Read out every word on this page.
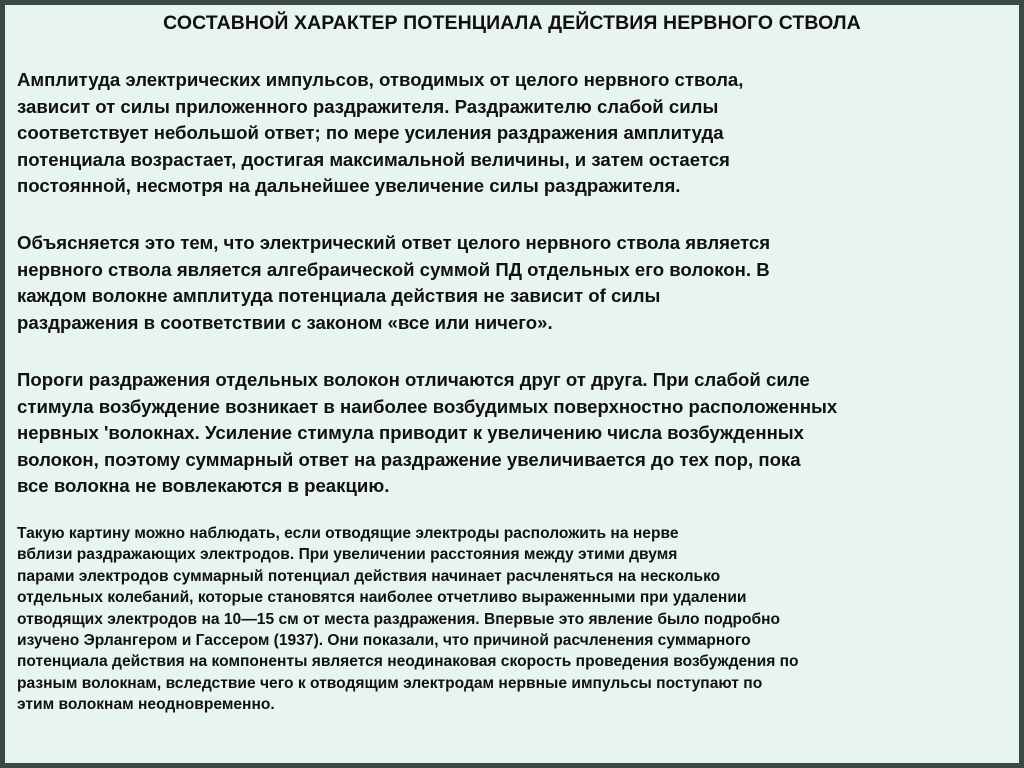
СОСТАВНОЙ ХАРАКТЕР ПОТЕНЦИАЛА ДЕЙСТВИЯ НЕРВНОГО СТВОЛА
Амплитуда электрических импульсов, отводимых от целого нервного ствола,
зависит от силы приложенного раздражителя. Раздражителю слабой силы
соответствует небольшой ответ; по мере усиления раздражения амплитуда
потенциала возрастает, достигая максимальной величины, и затем остается
постоянной, несмотря на дальнейшее увеличение силы раздражителя.
Объясняется это тем, что электрический ответ целого нервного ствола является
нервного ствола является алгебраической суммой ПД отдельных его волокон. В
каждом волокне амплитуда потенциала действия не зависит of силы
раздражения в соответствии с законом «все или ничего».
Пороги раздражения отдельных волокон отличаются друг от друга. При слабой силе
стимула возбуждение возникает в наиболее возбудимых поверхностно расположенных
нервных 'волокнах. Усиление стимула приводит к увеличению числа возбужденных
волокон, поэтому суммарный ответ на раздражение увеличивается до тех пор, пока
все волокна не вовлекаются в реакцию.
Такую картину можно наблюдать, если отводящие электроды расположить на нерве
вблизи раздражающих электродов. При увеличении расстояния между этими двумя
парами электродов суммарный потенциал действия начинает расчленяться на несколько
отдельных колебаний, которые становятся наиболее отчетливо выраженными при удалении
отводящих электродов на 10—15 см от места раздражения. Впервые это явление было подробно
изучено Эрлангером и Гассером (1937). Они показали, что причиной расчленения суммарного
потенциала действия на компоненты является неодинаковая скорость проведения возбуждения по
разным волокнам, вследствие чего к отводящим электродам нервные импульсы поступают по
этим волокнам неодновременно.
